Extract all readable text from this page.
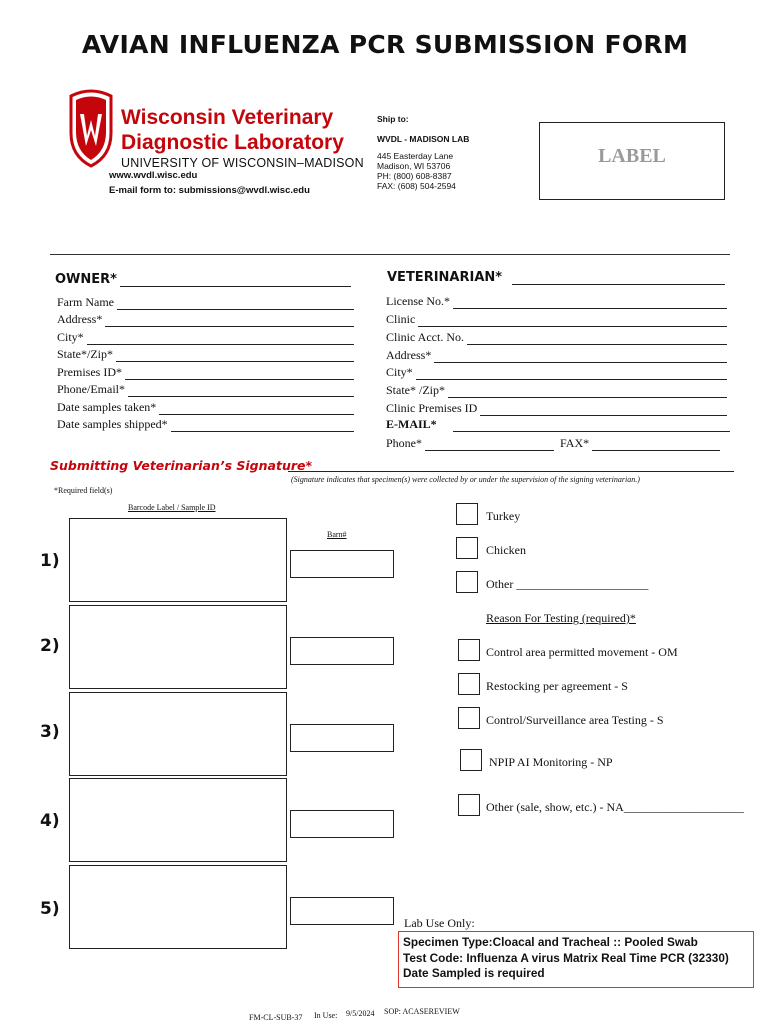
AVIAN INFLUENZA PCR SUBMISSION FORM
Wisconsin Veterinary
Diagnostic Laboratory
UNIVERSITY OF WISCONSIN–MADISON
www.wvdl.wisc.edu
E-mail form to: submissions@wvdl.wisc.edu
Ship to:
WVDL - MADISON LAB
445 Easterday Lane
Madison, WI 53706
PH: (800) 608-8387
FAX: (608) 504-2594
LABEL
OWNER*
Farm Name
Address*
City*
State*/Zip*
Premises ID*
Phone/Email*
Date samples taken*
Date samples shipped*
VETERINARIAN*
License No.*
Clinic
Clinic Acct. No.
Address*
City*
State* /Zip*
Clinic Premises ID
E-MAIL*
Phone*	FAX*
Submitting Veterinarian’s Signature*
(Signature indicates that specimen(s) were collected by or under the supervision of the signing veterinarian.)
*Required field(s)
Barcode Label / Sample ID
Barn#
1)
2)
3)
4)
5)
Turkey
Chicken
Other ______________________
Reason For Testing (required)*
Control area permitted movement - OM
Restocking per agreement - S
Control/Surveillance area Testing - S
NPIP AI Monitoring - NP
Other (sale, show, etc.) - NA____________________
Lab Use Only:
Specimen Type:Cloacal and Tracheal :: Pooled Swab
Test Code: Influenza A virus Matrix Real Time PCR (32330)
Date Sampled is required
FM-CL-SUB-37 In Use: 9/5/2024 SOP: ACASEREVIEW
